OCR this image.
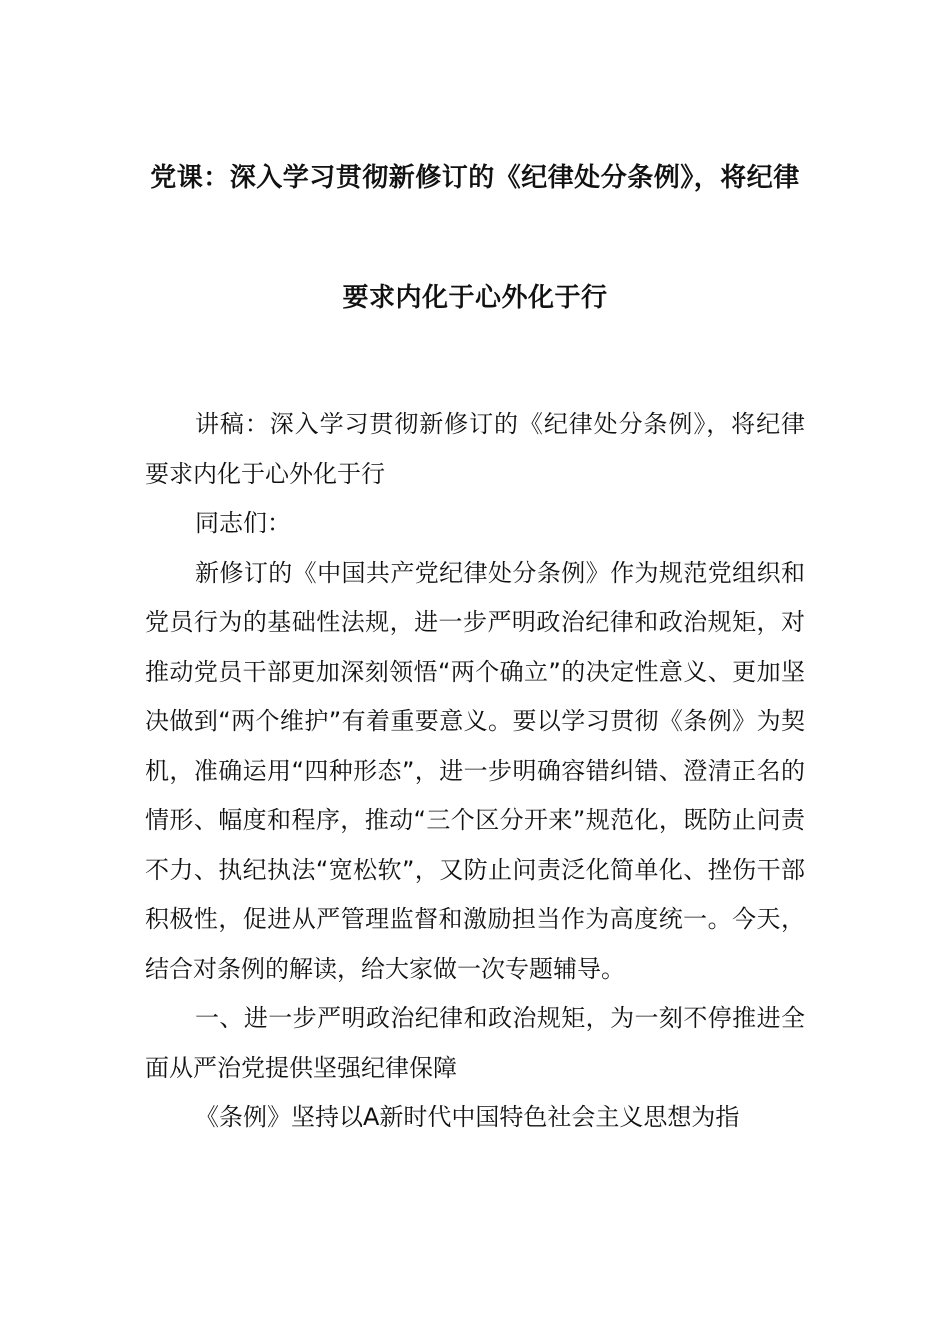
党课：深入学习贯彻新修订的《纪律处分条例》，将纪律
要求内化于心外化于行

讲稿：深入学习贯彻新修订的《纪律处分条例》，将纪律要求内化于心外化于行

同志们：

新修订的《中国共产党纪律处分条例》作为规范党组织和党员行为的基础性法规，进一步严明政治纪律和政治规矩，对推动党员干部更加深刻领悟“两个确立”的决定性意义、更加坚决做到“两个维护”有着重要意义。要以学习贯彻《条例》为契机，准确运用“四种形态”，进一步明确容错纠错、澄清正名的情形、幅度和程序，推动“三个区分开来”规范化，既防止问责不力、执纪执法“宽松软”，又防止问责泛化简单化、挫伤干部积极性，促进从严管理监督和激励担当作为高度统一。今天，结合对条例的解读，给大家做一次专题辅导。

一、进一步严明政治纪律和政治规矩，为一刻不停推进全面从严治党提供坚强纪律保障

《条例》坚持以A新时代中国特色社会主义思想为指
